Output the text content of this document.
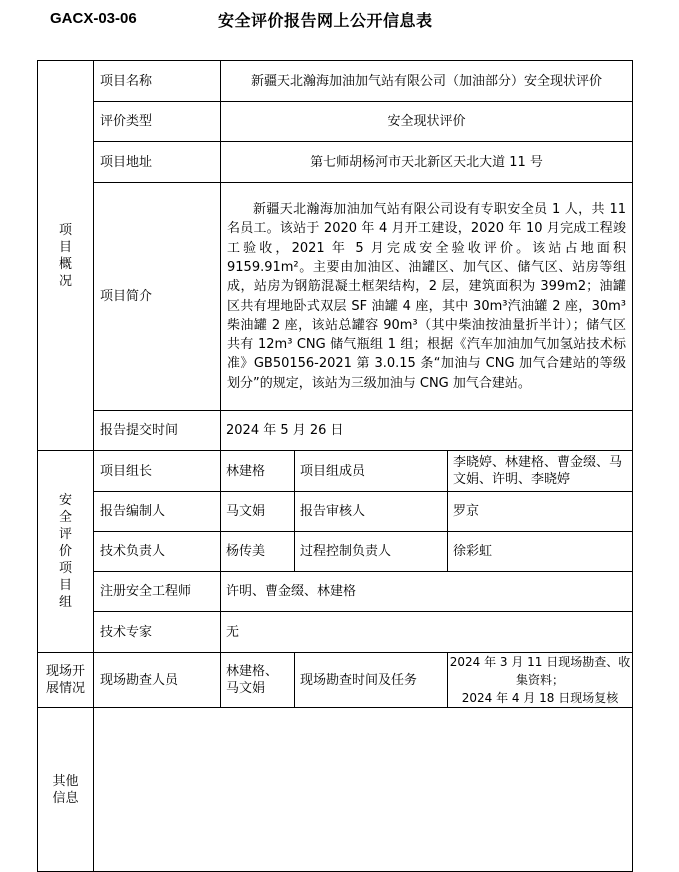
GACX-03-06	安全评价报告网上公开信息表
项目概况	项目名称	新疆天北瀚海加油加气站有限公司（加油部分）安全现状评价		
	评价类型	安全现状评价		
	项目地址	第七师胡杨河市天北新区天北大道 11 号		
	项目简介	新疆天北瀚海加油加气站有限公司设有专职安全员 1 人，共 11 名员工。该站于 2020 年 4 月开工建设，2020 年 10 月完成工程竣工验收，2021 年 5 月完成安全验收评价。该站占地面积 9159.91m²。主要由加油区、油罐区、加气区、储气区、站房等组成，站房为钢筋混凝土框架结构，2 层，建筑面积为 399m2；油罐区共有埋地卧式双层 SF 油罐 4 座，其中 30m³汽油罐 2 座，30m³柴油罐 2 座，该站总罐容 90m³（其中柴油按油量折半计）；储气区共有 12m³ CNG 储气瓶组 1 组；根据《汽车加油加气加氢站技术标准》GB50156-2021 第 3.0.15 条“加油与 CNG 加气合建站的等级划分”的规定，该站为三级加油与 CNG 加气合建站。		

	报告提交时间	2024 年 5 月 26 日		
安全评价项目组	项目组长	林建格	项目组成员	李晓婷、林建格、曹金缀、马文娟、许明、李晓婷
	报告编制人	马文娟	报告审核人	罗京
	技术负责人	杨传美	过程控制负责人	徐彩虹
	注册安全工程师	许明、曹金缀、林建格		
	技术专家	无		
现场开展情况	现场勘查人员	林建格、马文娟	现场勘查时间及任务	2024 年 3 月 11 日现场勘查、收集资料；
2024 年 4 月 18 日现场复核

其他信息				
